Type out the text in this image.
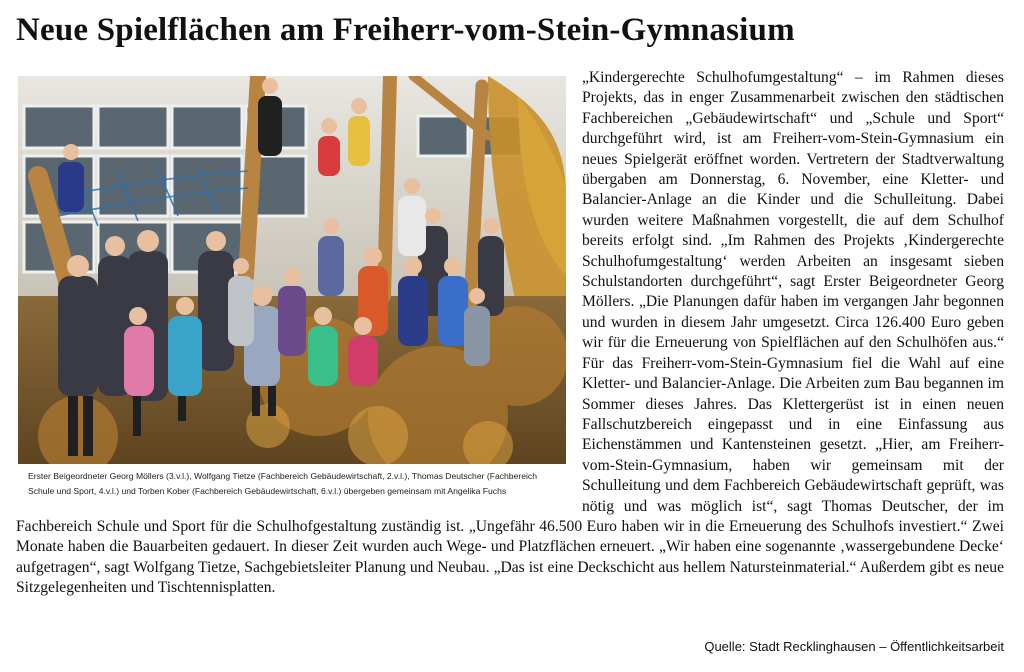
Neue Spielflächen am Freiherr-vom-Stein-Gymnasium
Erster Beigeordneter Georg Möllers (3.v.l.), Wolfgang Tietze (Fachbereich Gebäudewirtschaft, 2.v.l.), Thomas Deutscher (Fachbereich Schule und Sport, 4.v.l.) und Torben Kober (Fachbereich Gebäudewirtschaft, 6.v.l.) übergeben gemeinsam mit Angelika Fuchs

„Kindergerechte Schulhofumgestaltung“ – im Rahmen dieses Projekts, das in enger Zusammenarbeit zwischen den städtischen Fachbereichen „Gebäudewirtschaft“ und „Schule und Sport“ durchgeführt wird, ist am Freiherr-vom-Stein-Gymnasium ein neues Spielgerät eröffnet worden. Vertretern der Stadtverwaltung übergaben am Donnerstag, 6. November, eine Kletter- und Balancier-Anlage an die Kinder und die Schulleitung. Dabei wurden weitere Maßnahmen vorgestellt, die auf dem Schulhof bereits erfolgt sind. „Im Rahmen des Projekts ‚Kindergerechte Schulhofumgestaltung‘ werden Arbeiten an insgesamt sieben Schulstandorten durchgeführt“, sagt Erster Beigeordneter Georg Möllers. „Die Planungen dafür haben im vergangen Jahr begonnen und wurden in diesem Jahr umgesetzt. Circa 126.400 Euro geben wir für die Erneuerung von Spielflächen auf den Schulhöfen aus.“ Für das Freiherr-vom-Stein-Gymnasium fiel die Wahl auf eine Kletter- und Balancier-Anlage. Die Arbeiten zum Bau begannen im Sommer dieses Jahres. Das Klettergerüst ist in einen neuen Fallschutzbereich eingepasst und in eine Einfassung aus Eichenstämmen und Kantensteinen gesetzt. „Hier, am Freiherr-vom-Stein-Gymnasium, haben wir gemeinsam mit der Schulleitung und dem Fachbereich Gebäudewirtschaft geprüft, was nötig und was möglich ist“, sagt Thomas Deutscher, der im Fachbereich Schule und Sport für die Schulhofgestaltung zuständig ist. „Ungefähr 46.500 Euro haben wir in die Erneuerung des Schulhofs investiert.“ Zwei Monate haben die Bauarbeiten gedauert. In dieser Zeit wurden auch Wege- und Platzflächen erneuert. „Wir haben eine sogenannte ‚wassergebundene Decke‘ aufgetragen“, sagt Wolfgang Tietze, Sachgebietsleiter Planung und Neubau. „Das ist eine Deckschicht aus hellem Natursteinmaterial.“ Außerdem gibt es neue Sitzgelegenheiten und Tischtennisplatten.

Quelle: Stadt Recklinghausen – Öffentlichkeitsarbeit
